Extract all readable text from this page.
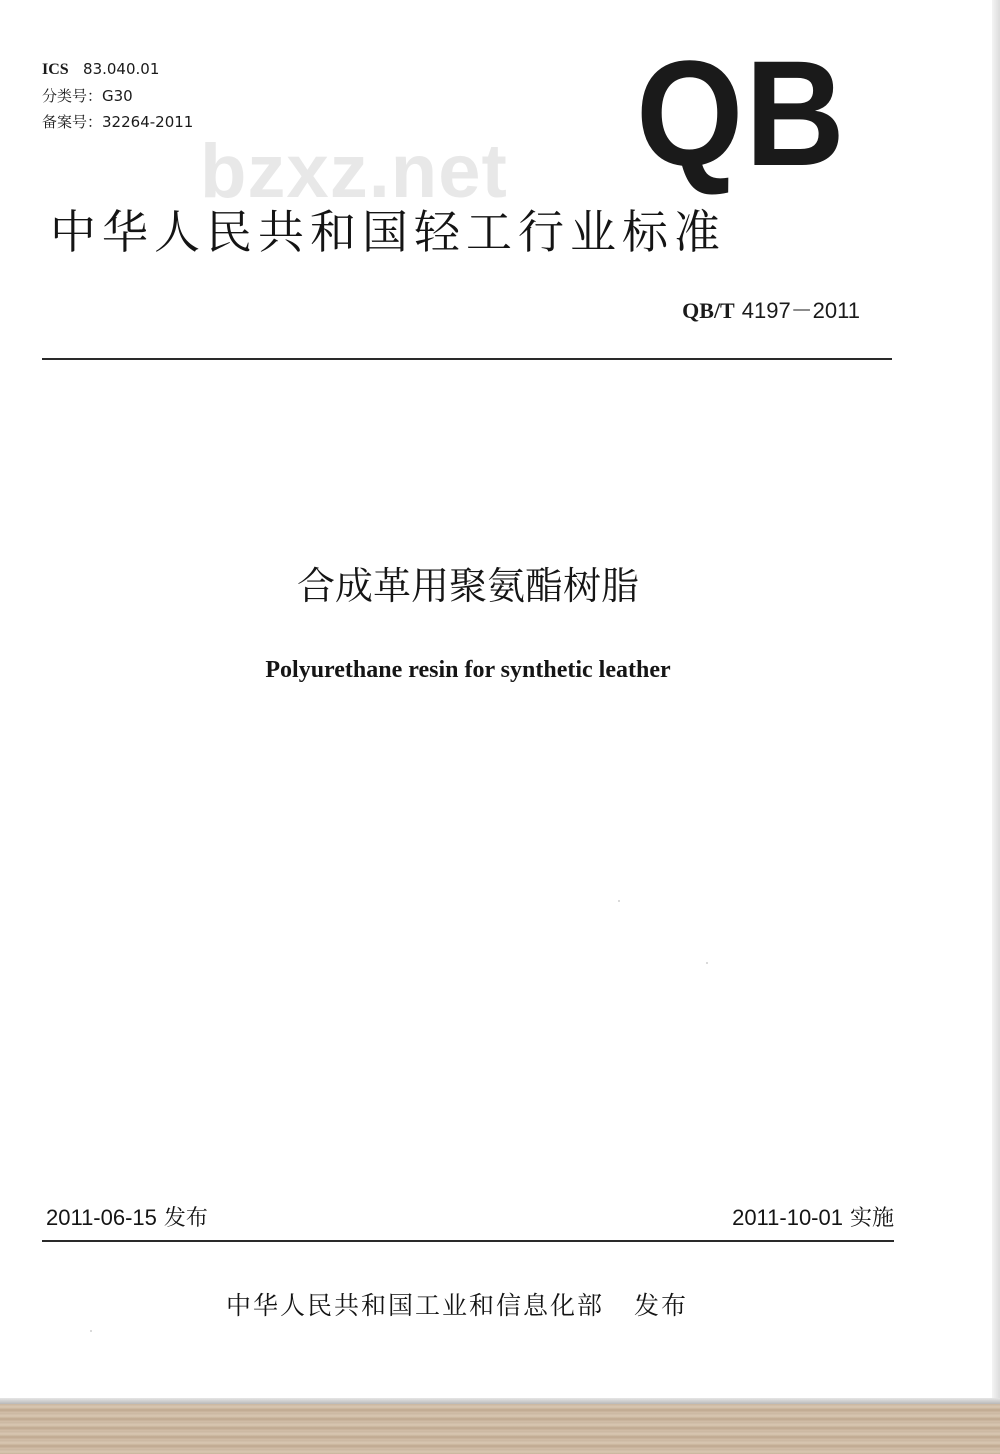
ICS 83.040.01
分类号：G30
备案号：32264-2011	QB
bzxz.net
中华人民共和国轻工行业标准
QB/T 4197－2011
合成革用聚氨酯树脂
Polyurethane resin for synthetic leather
2011-06-15 发布	2011-10-01 实施
中华人民共和国工业和信息化部 发布
